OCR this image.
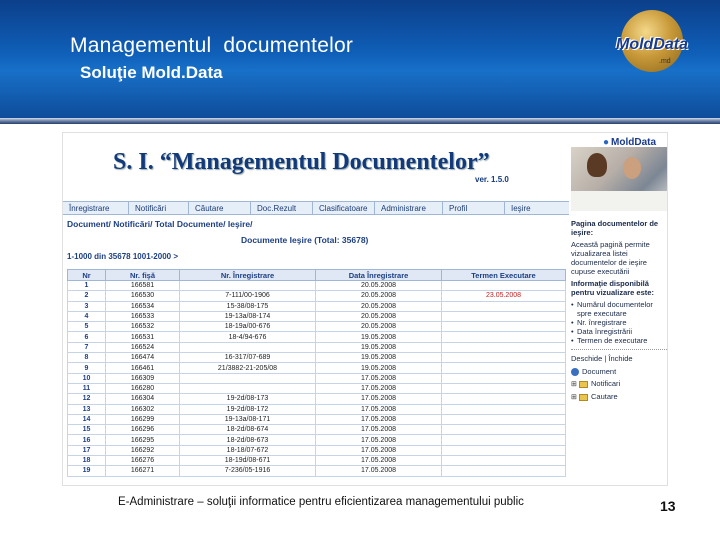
Managementul  documentelor
Soluţie Mold.Data
MoldData
.md
S. I. “Managementul Documentelor”
ver. 1.5.0
● MoldData
Înregistrare	Notificări	Căutare	Doc.Rezult	Clasificatoare	Administrare	Profil	Ieşire
Document/ Notificări/ Total Documente/ Ieşire/
Documente Ieşire (Total: 35678)
1-1000 din 35678 1001-2000 >
Nr	Nr. fişă	Nr. Înregistrare	Data Înregistrare	Termen Executare
1	166581		20.05.2008	
2	166530	7-111/00-1906	20.05.2008	23.05.2008
3	166534	15-38/08-175	20.05.2008	
4	166533	19-13a/08-174	20.05.2008	
5	166532	18-19a/00-676	20.05.2008	
6	166531	18-4/94-676	19.05.2008	
7	166524		19.05.2008	
8	166474	16-317/07-689	19.05.2008	
9	166461	21/3882-21-205/08	19.05.2008	
10	166309		17.05.2008	
11	166280		17.05.2008	
12	166304	19-2d/08-173	17.05.2008	
13	166302	19-2d/08-172	17.05.2008	
14	166299	19-13a/08-171	17.05.2008	
15	166296	18-2d/08-674	17.05.2008	
16	166295	18-2d/08-673	17.05.2008	
17	166292	18-18/07-672	17.05.2008	
18	166276	18-19d/08-671	17.05.2008	
19	166271	7-236/05-1916	17.05.2008	
Pagina documentelor de ieşire:
Această pagină permite vizualizarea listei documentelor de ieşire cupuse executării
Informaţie disponibilă pentru vizualizare este:
• Numărul documentelor spre executare
• Nr. înregistrare
• Data înregistrării
• Termen de executare
Deschide | Închide
Document
⊞ Notificari
⊞ Cautare
E-Administrare – soluţii informatice pentru eficientizarea managementului public	13
